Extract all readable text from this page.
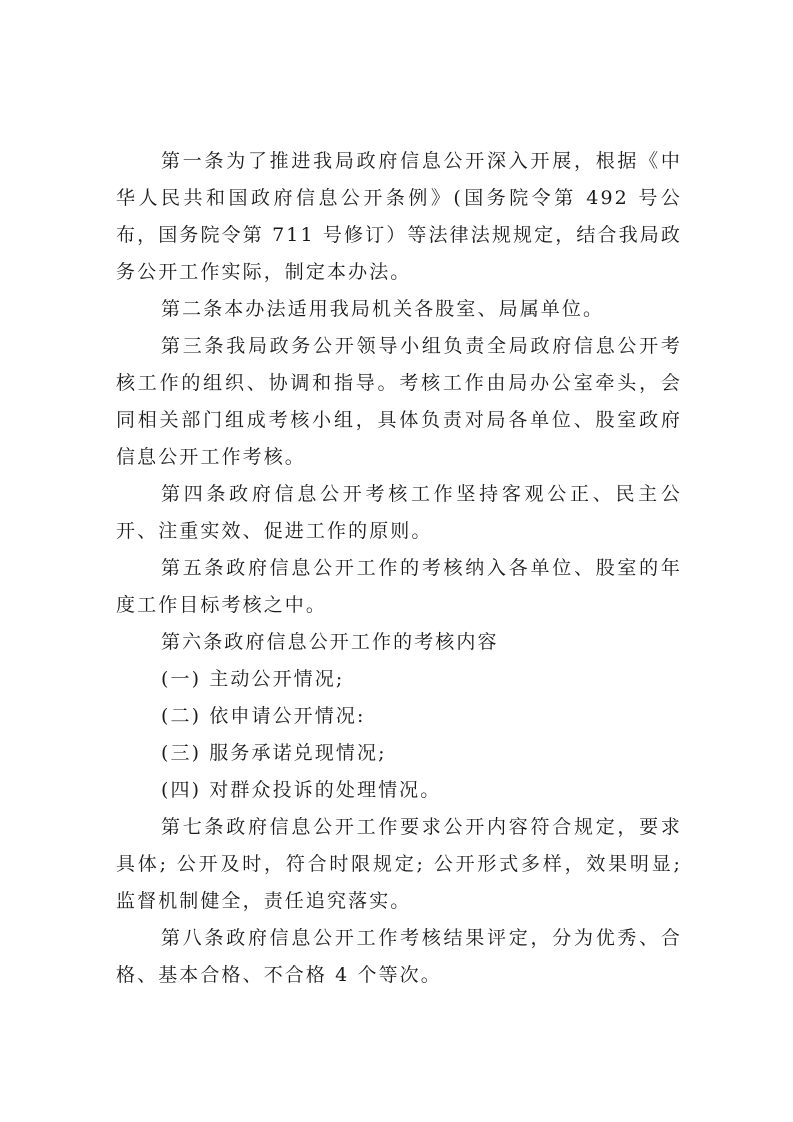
第一条为了推进我局政府信息公开深入开展，根据《中华人民共和国政府信息公开条例》(国务院令第 492 号公布，国务院令第 711 号修订）等法律法规规定，结合我局政务公开工作实际，制定本办法。

第二条本办法适用我局机关各股室、局属单位。

第三条我局政务公开领导小组负责全局政府信息公开考核工作的组织、协调和指导。考核工作由局办公室牵头，会同相关部门组成考核小组，具体负责对局各单位、股室政府信息公开工作考核。

第四条政府信息公开考核工作坚持客观公正、民主公开、注重实效、促进工作的原则。

第五条政府信息公开工作的考核纳入各单位、股室的年度工作目标考核之中。

第六条政府信息公开工作的考核内容

(一) 主动公开情况;

(二) 依申请公开情况:

(三) 服务承诺兑现情况;

(四) 对群众投诉的处理情况。

第七条政府信息公开工作要求公开内容符合规定，要求具体; 公开及时，符合时限规定; 公开形式多样，效果明显; 监督机制健全，责任追究落实。

第八条政府信息公开工作考核结果评定，分为优秀、合格、基本合格、不合格 4 个等次。
